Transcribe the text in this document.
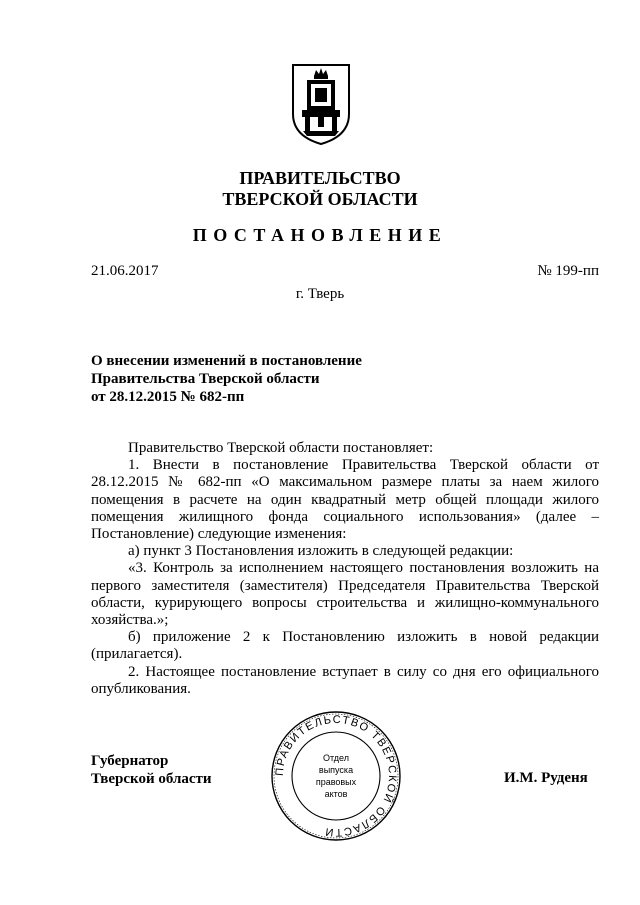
ПРАВИТЕЛЬСТВО
ТВЕРСКОЙ ОБЛАСТИ
ПОСТАНОВЛЕНИЕ
21.06.2017	№ 199-пп
г. Тверь
О внесении изменений в постановление
Правительства Тверской области
от 28.12.2015 № 682-пп

Правительство Тверской области постановляет:

1. Внести в постановление Правительства Тверской области от 28.12.2015 № 682-пп «О максимальном размере платы за наем жилого помещения в расчете на один квадратный метр общей площади жилого помещения жилищного фонда социального использования» (далее – Постановление) следующие изменения:

а) пункт 3 Постановления изложить в следующей редакции:

«3. Контроль за исполнением настоящего постановления возложить на первого заместителя (заместителя) Председателя Правительства Тверской области, курирующего вопросы строительства и жилищно-коммунального хозяйства.»;

б) приложение 2 к Постановлению изложить в новой редакции (прилагается).

2. Настоящее постановление вступает в силу со дня его официального опубликования.

Губернатор
Тверской области	И.М. Руденя
ПРАВИТЕЛЬСТВО ТВЕРСКОЙ ОБЛАСТИ
Отдел
выпуска
правовых
актов
